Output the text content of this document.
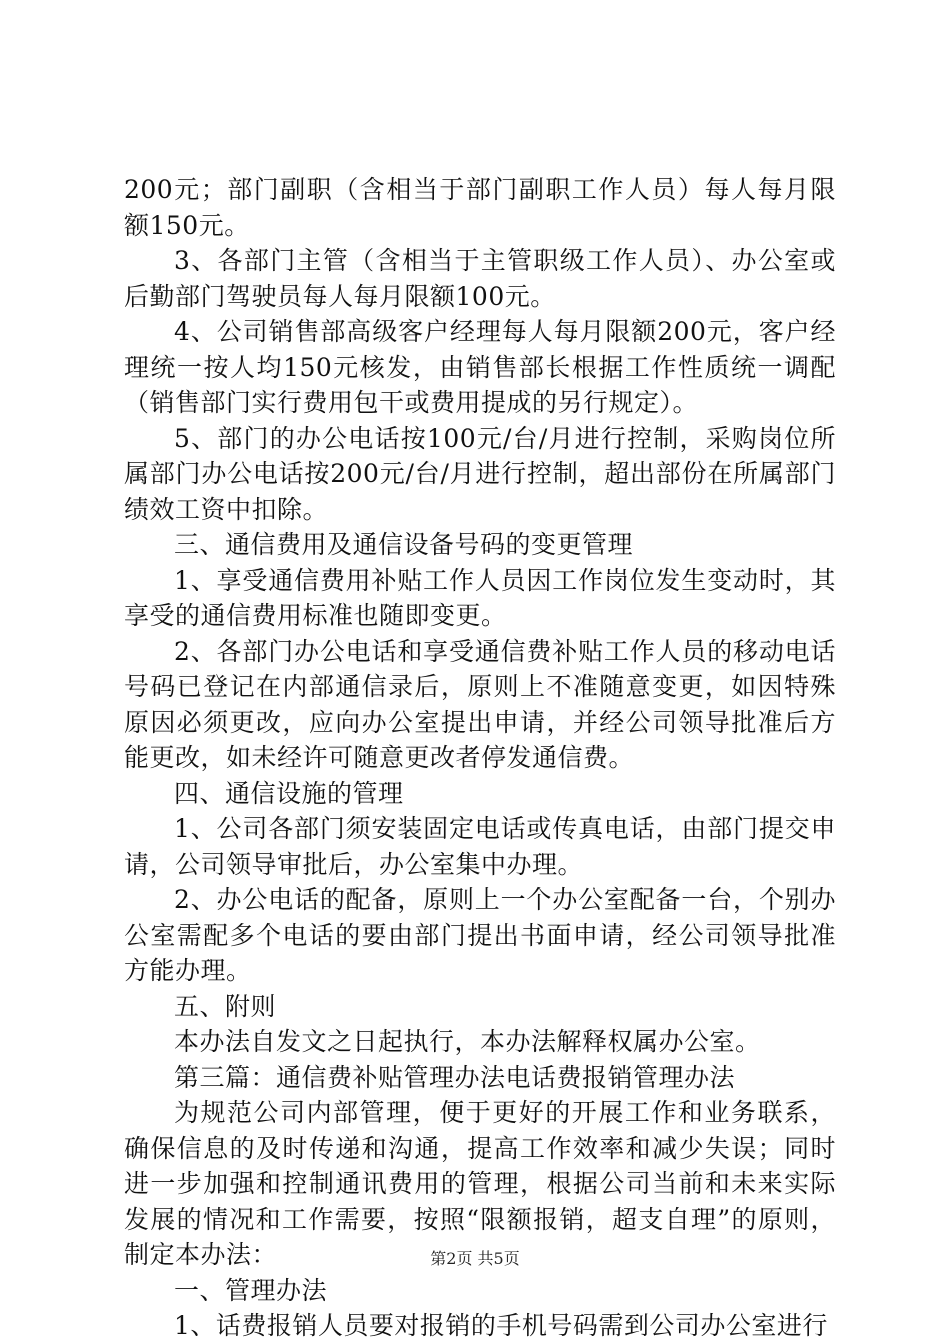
200元；部门副职（含相当于部门副职工作人员）每人每月限额150元。

3、各部门主管（含相当于主管职级工作人员）、办公室或后勤部门驾驶员每人每月限额100元。

4、公司销售部高级客户经理每人每月限额200元，客户经理统一按人均150元核发，由销售部长根据工作性质统一调配（销售部门实行费用包干或费用提成的另行规定）。

5、部门的办公电话按100元/台/月进行控制，采购岗位所属部门办公电话按200元/台/月进行控制，超出部份在所属部门绩效工资中扣除。

三、通信费用及通信设备号码的变更管理

1、享受通信费用补贴工作人员因工作岗位发生变动时，其享受的通信费用标准也随即变更。

2、各部门办公电话和享受通信费补贴工作人员的移动电话号码已登记在内部通信录后，原则上不准随意变更，如因特殊原因必须更改，应向办公室提出申请，并经公司领导批准后方能更改，如未经许可随意更改者停发通信费。

四、通信设施的管理

1、公司各部门须安装固定电话或传真电话，由部门提交申请，公司领导审批后，办公室集中办理。

2、办公电话的配备，原则上一个办公室配备一台，个别办公室需配多个电话的要由部门提出书面申请，经公司领导批准方能办理。

五、附则

本办法自发文之日起执行，本办法解释权属办公室。

第三篇：通信费补贴管理办法电话费报销管理办法

为规范公司内部管理，便于更好的开展工作和业务联系，确保信息的及时传递和沟通，提高工作效率和减少失误；同时进一步加强和控制通讯费用的管理，根据公司当前和未来实际发展的情况和工作需要，按照“限额报销，超支自理”的原则，制定本办法：

一、管理办法

1、话费报销人员要对报销的手机号码需到公司办公室进行

第2页 共5页
